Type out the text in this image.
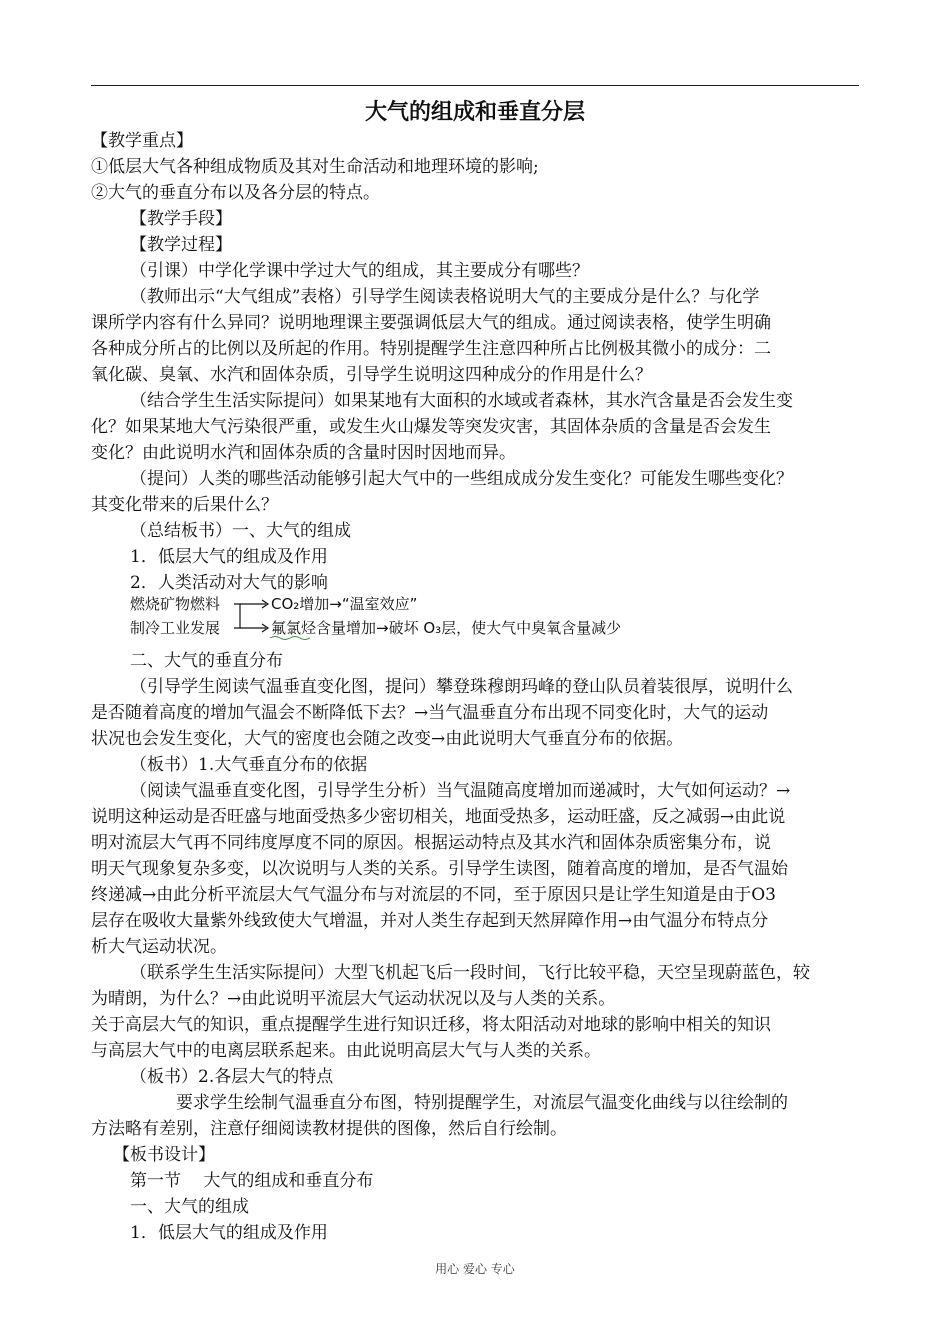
大气的组成和垂直分层
【教学重点】
①低层大气各种组成物质及其对生命活动和地理环境的影响;
②大气的垂直分布以及各分层的特点。
【教学手段】
【教学过程】
（引课）中学化学课中学过大气的组成，其主要成分有哪些？
（教师出示“大气组成”表格）引导学生阅读表格说明大气的主要成分是什么？与化学
课所学内容有什么异同？说明地理课主要强调低层大气的组成。通过阅读表格，使学生明确
各种成分所占的比例以及所起的作用。特别提醒学生注意四种所占比例极其微小的成分：二
氧化碳、臭氧、水汽和固体杂质，引导学生说明这四种成分的作用是什么？
（结合学生生活实际提问）如果某地有大面积的水域或者森林，其水汽含量是否会发生变
化？如果某地大气污染很严重，或发生火山爆发等突发灾害，其固体杂质的含量是否会发生
变化？由此说明水汽和固体杂质的含量时因时因地而异。
（提问）人类的哪些活动能够引起大气中的一些组成成分发生变化？可能发生哪些变化？
其变化带来的后果什么？
（总结板书）一、大气的组成
1．低层大气的组成及作用
2．人类活动对大气的影响
燃烧矿物燃料	CO₂增加→“温室效应”
制冷工业发展	氟氯烃含量增加→破坏 O₃层，使大气中臭氧含量减少
二、大气的垂直分布
（引导学生阅读气温垂直变化图，提问）攀登珠穆朗玛峰的登山队员着装很厚，说明什么
是否随着高度的增加气温会不断降低下去？→当气温垂直分布出现不同变化时，大气的运动
状况也会发生变化，大气的密度也会随之改变→由此说明大气垂直分布的依据。
（板书）1.大气垂直分布的依据
（阅读气温垂直变化图，引导学生分析）当气温随高度增加而递减时，大气如何运动？→
说明这种运动是否旺盛与地面受热多少密切相关，地面受热多，运动旺盛，反之减弱→由此说
明对流层大气再不同纬度厚度不同的原因。根据运动特点及其水汽和固体杂质密集分布，说
明天气现象复杂多变，以次说明与人类的关系。引导学生读图，随着高度的增加，是否气温始
终递减→由此分析平流层大气气温分布与对流层的不同，至于原因只是让学生知道是由于O3
层存在吸收大量紫外线致使大气增温，并对人类生存起到天然屏障作用→由气温分布特点分
析大气运动状况。
（联系学生生活实际提问）大型飞机起飞后一段时间，飞行比较平稳，天空呈现蔚蓝色，较
为晴朗，为什么？→由此说明平流层大气运动状况以及与人类的关系。
关于高层大气的知识，重点提醒学生进行知识迁移，将太阳活动对地球的影响中相关的知识
与高层大气中的电离层联系起来。由此说明高层大气与人类的关系。
（板书）2.各层大气的特点
要求学生绘制气温垂直分布图，特别提醒学生，对流层气温变化曲线与以往绘制的
方法略有差别，注意仔细阅读教材提供的图像，然后自行绘制。
【板书设计】
第一节　 大气的组成和垂直分布
一、大气的组成
1．低层大气的组成及作用
用心 爱心 专心
